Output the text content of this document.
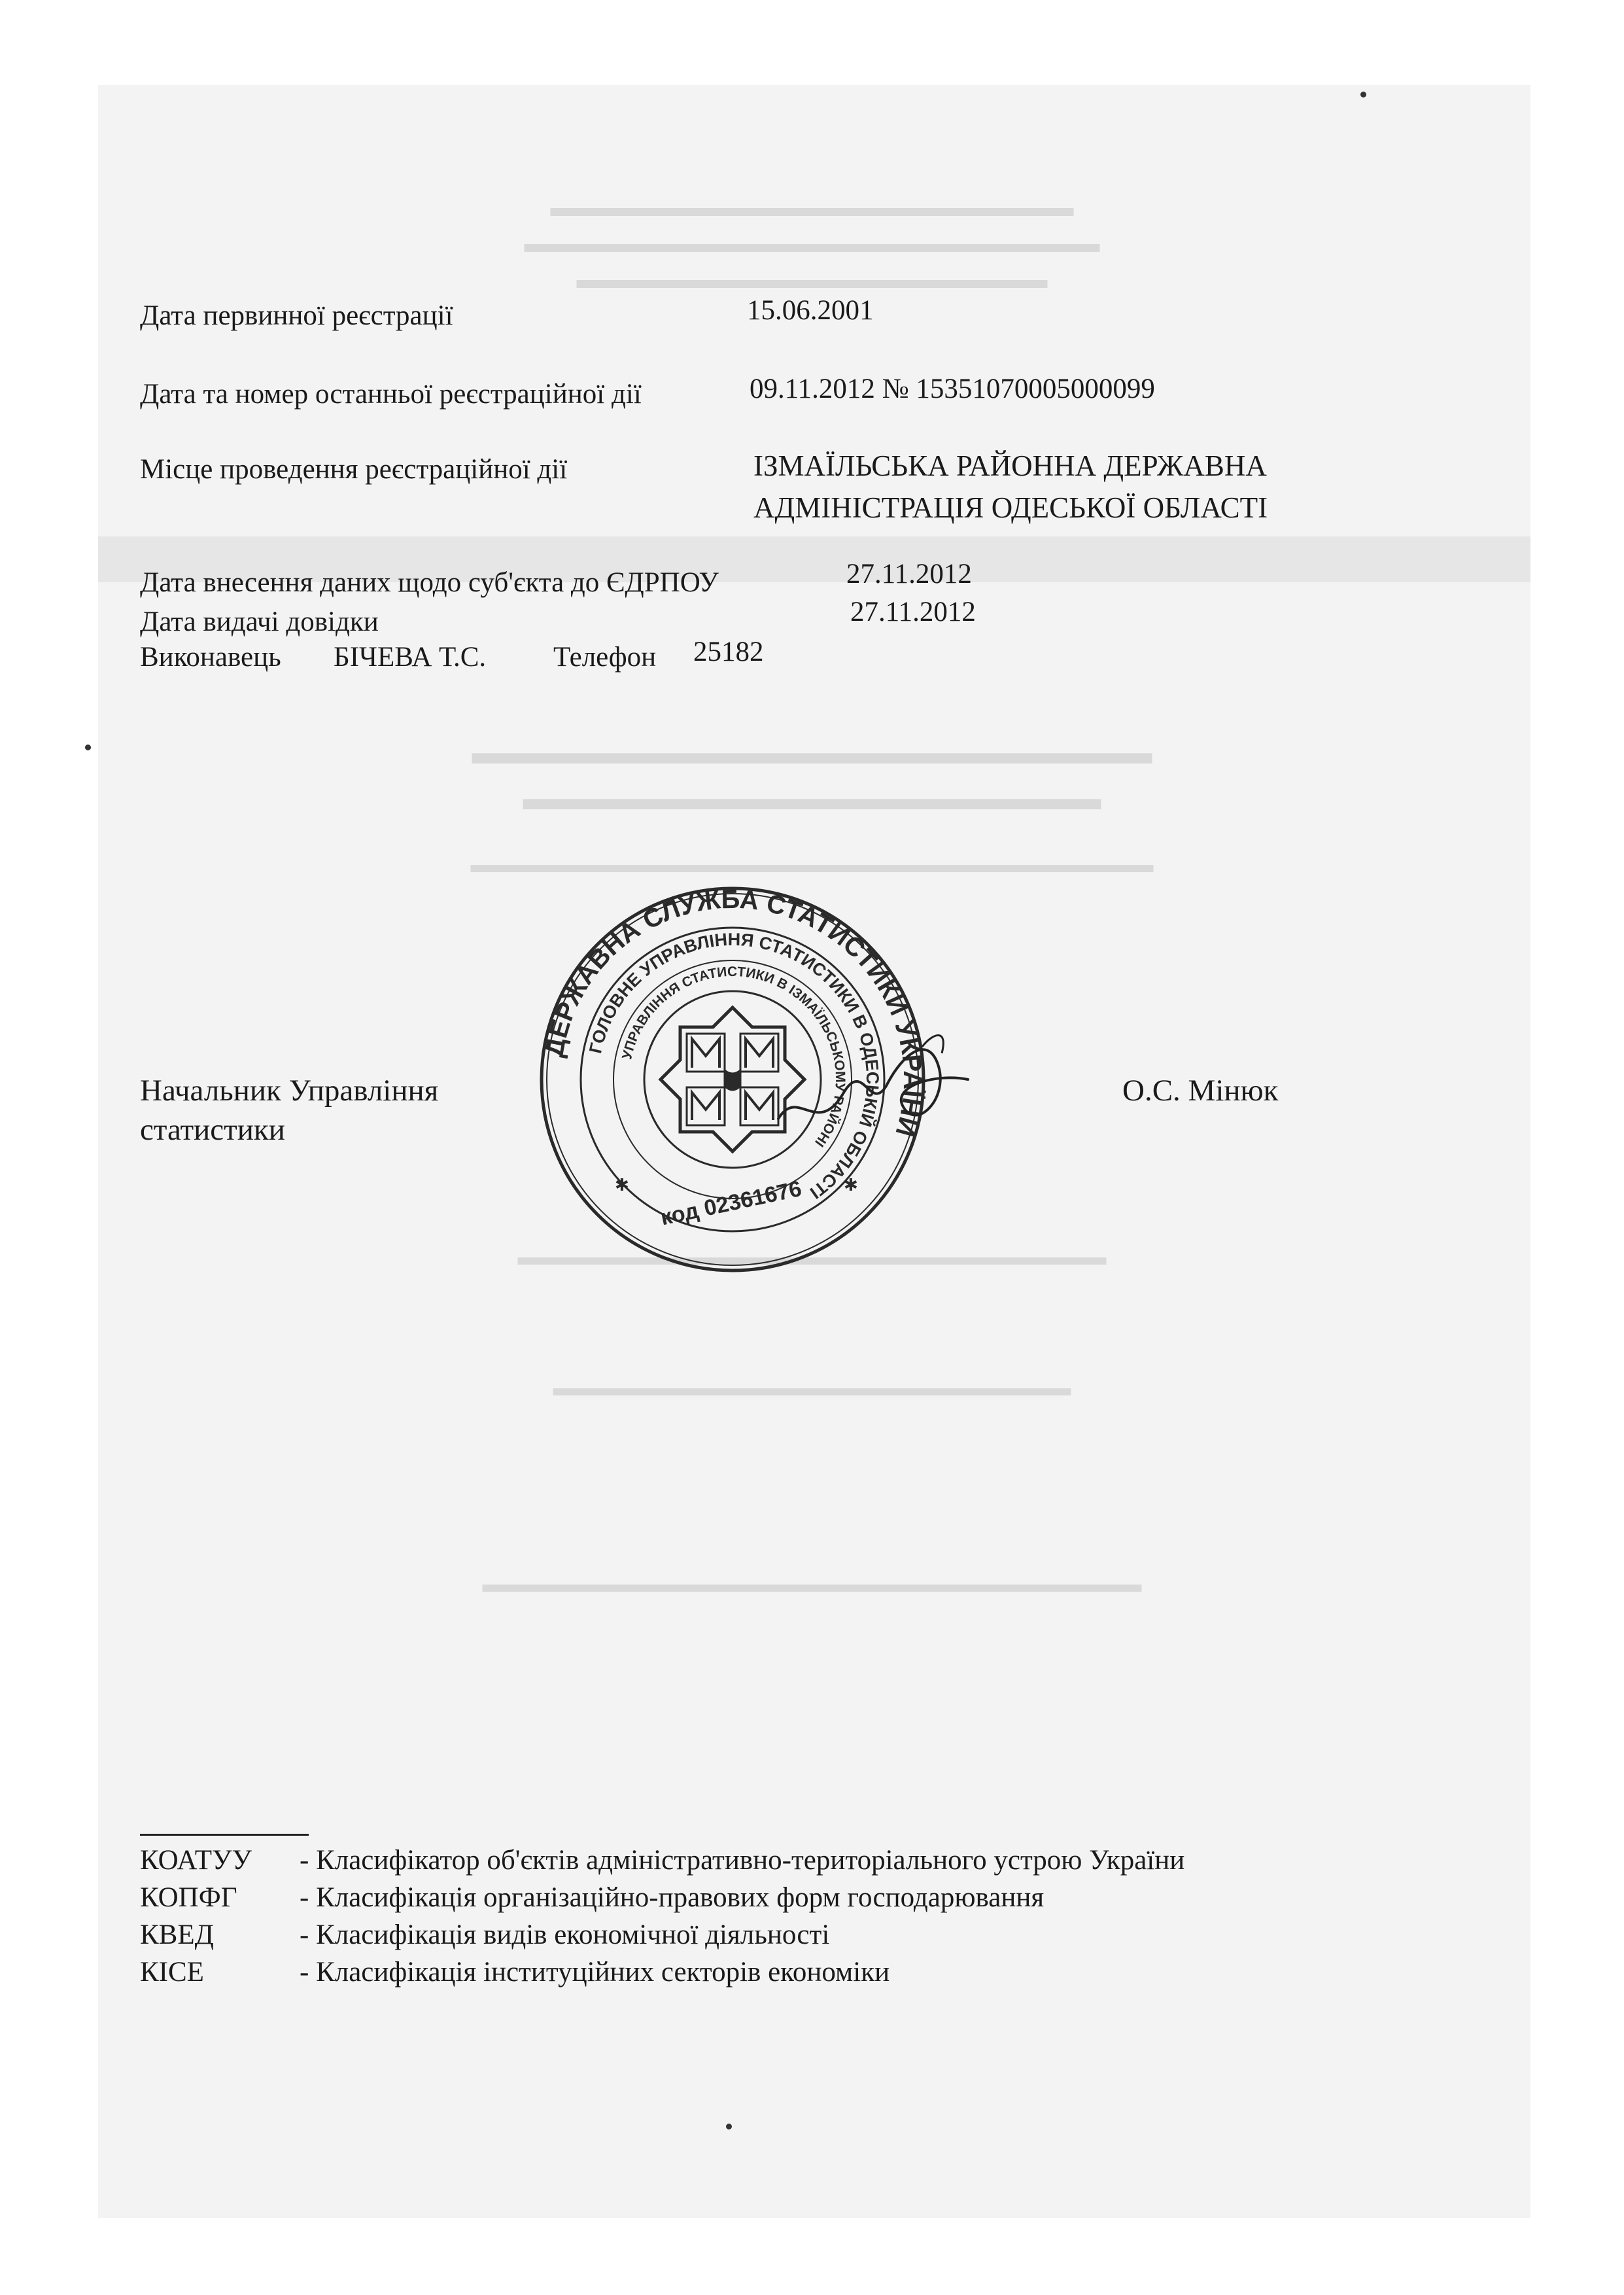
▬▬▬▬▬▬▬▬▬▬▬▬▬▬▬▬▬▬▬▬
▬▬▬▬▬▬▬▬▬▬▬▬▬▬▬▬▬▬▬▬▬▬
▬▬▬▬▬▬▬▬▬▬▬▬▬▬▬▬▬▬
▬▬▬▬▬▬▬▬▬▬▬▬▬▬▬▬▬▬▬▬
▬▬▬▬▬▬▬▬▬▬▬▬▬▬▬▬▬
▬▬▬▬▬▬▬▬▬▬▬▬▬▬▬▬▬▬▬▬▬▬▬▬▬▬▬▬▬
▬▬▬▬▬▬▬▬▬▬▬▬▬▬▬▬▬▬▬▬▬▬▬▬▬
▬▬▬▬▬▬▬▬▬▬▬▬▬▬▬▬▬▬▬▬▬▬
▬▬▬▬▬▬▬▬▬▬▬▬▬▬▬▬▬▬▬▬▬▬▬▬▬▬▬▬
Дата первинної реєстрації	15.06.2001
Дата та номер останньої реєстраційної дії	09.11.2012 № 15351070005000099
Місце проведення реєстраційної дії	ІЗМАЇЛЬСЬКА РАЙОННА ДЕРЖАВНА
АДМІНІСТРАЦІЯ ОДЕСЬКОЇ ОБЛАСТІ
Дата внесення даних щодо суб'єкта до ЄДРПОУ	27.11.2012
Дата видачі довідки	27.11.2012
Виконавець БІЧЕВА Т.С. Телефон 25182
Начальник Управління
статистики
О.С. Мінюк
ДЕРЖАВНА СЛУЖБА СТАТИСТИКИ УКРАЇНИ
ГОЛОВНЕ УПРАВЛІННЯ СТАТИСТИКИ В ОДЕСЬКІЙ ОБЛАСТІ
УПРАВЛІННЯ СТАТИСТИКИ В ІЗМАЇЛЬСЬКОМУ РАЙОНІ
код 02361676
✱	✱
КОАТУУ	- Класифікатор об'єктів адміністративно-територіального устрою України
КОПФГ	- Класифікація організаційно-правових форм господарювання
КВЕД	- Класифікація видів економічної діяльності
КІСЕ	- Класифікація інституційних секторів економіки
